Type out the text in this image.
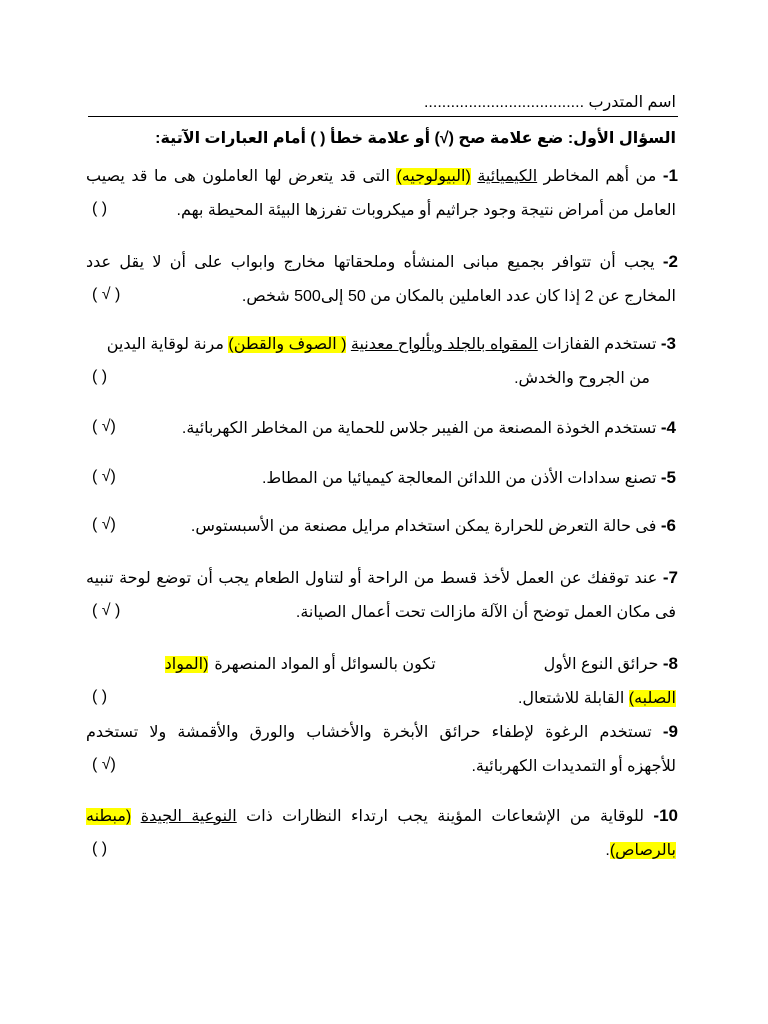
اسم المتدرب ....................................
السؤال الأول: ضع علامة صح (√) أو علامة خطأ ( ) أمام العبارات الآتية:
1- من أهم المخاطر الكيميائية (البيولوجيه) التى قد يتعرض لها العاملون هى ما قد يصيب
العامل من أمراض نتيجة وجود جراثيم أو ميكروبات تفرزها البيئة المحيطة بهم.
( )
2- يجب أن تتوافر بجميع مبانى المنشأه وملحقاتها مخارج وابواب على أن لا يقل عدد
المخارج عن 2 إذا كان عدد العاملين بالمكان من 50 إلى500 شخص.
( √ )
3- تستخدم القفازات المقواه بالجلد وبألواح معدنية ( الصوف والقطن) مرنة لوقاية اليدين
من الجروح والخدش.
( )
4- تستخدم الخوذة المصنعة من الفيبر جلاس للحماية من المخاطر الكهربائية.
( √)
5- تصنع سدادات الأذن من اللدائن المعالجة كيميائيا من المطاط.
( √)
6- فى حالة التعرض للحرارة يمكن استخدام مرايل مصنعة من الأسبستوس.
( √)
7- عند توقفك عن العمل لأخذ قسط من الراحة أو لتناول الطعام يجب أن توضع لوحة تنبيه
فى مكان العمل توضح أن الآلة مازالت تحت أعمال الصيانة.
( √ )
8- حرائق النوع الأولتكون بالسوائل أو المواد المنصهرة(المواد
الصلبه) القابلة للاشتعال.
( )
9- تستخدم الرغوة لإطفاء حرائق الأبخرة والأخشاب والورق والأقمشة ولا تستخدم
للأجهزه أو التمديدات الكهربائية.
( √)
10- للوقاية من الإشعاعات المؤينة يجب ارتداء النظارات ذات النوعية الجيدة (مبطنه
بالرصاص).
( )
